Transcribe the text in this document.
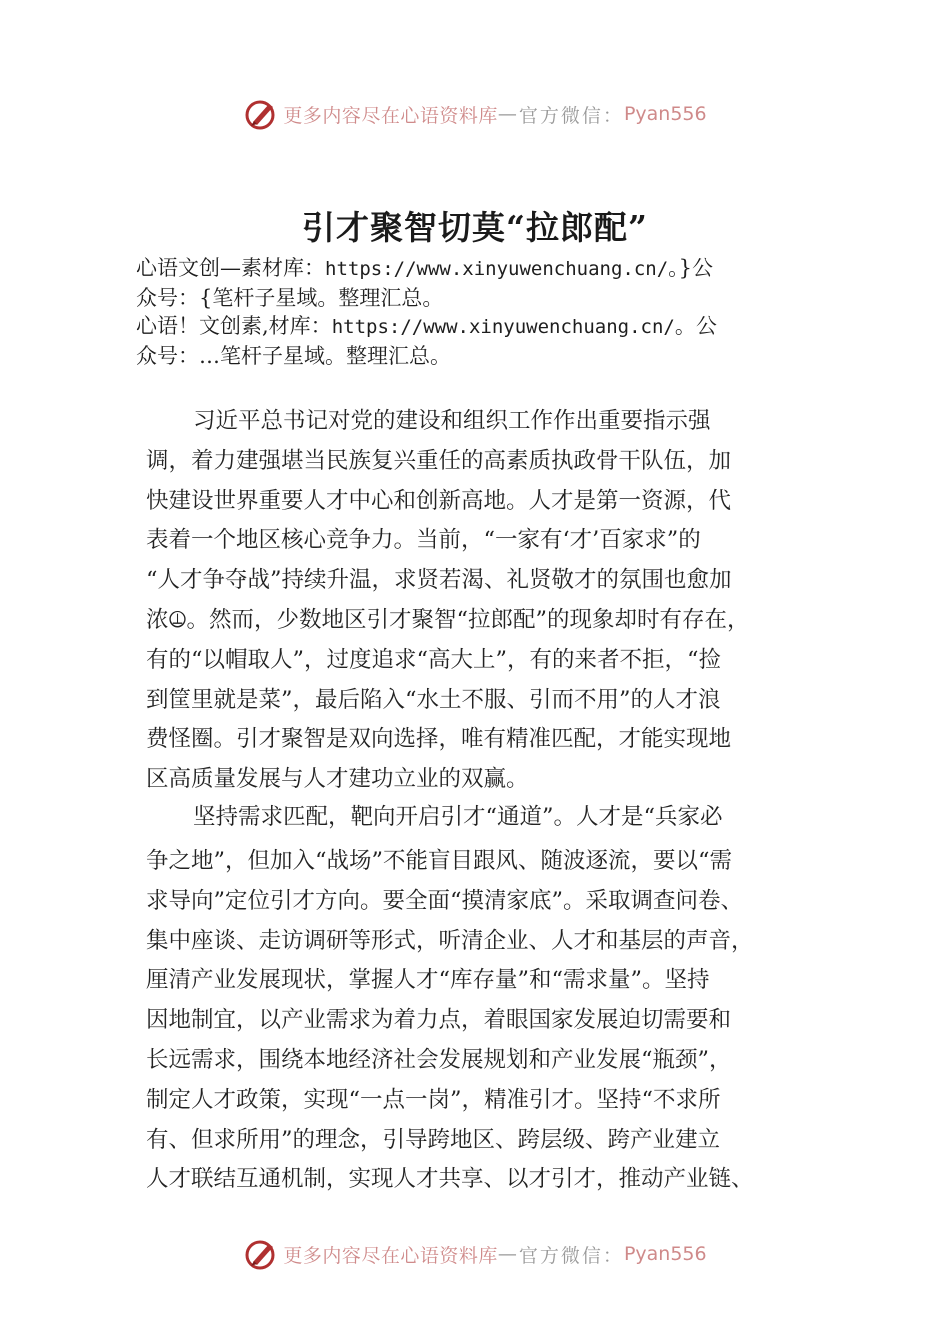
更多内容尽在心语资料库 — 官方微信： Pyan556
引才聚智切莫“拉郎配”
心语文创—素材库：https://www.xinyuwenchuang.cn/。}公
众号：{笔杆子星域。整理汇总。
心语！文创素,材库：https://www.xinyuwenchuang.cn/。公
众号：…笔杆子星域。整理汇总。
习近平总书记对党的建设和组织工作作出重要指示强
调，着力建强堪当民族复兴重任的高素质执政骨干队伍，加
快建设世界重要人才中心和创新高地。人才是第一资源，代
表着一个地区核心竞争力。当前，“一家有‘才’百家求”的
“人才争夺战”持续升温，求贤若渴、礼贤敬才的氛围也愈加
浓⦹。然而，少数地区引才聚智“拉郎配”的现象却时有存在，
有的“以帽取人”，过度追求“高大上”，有的来者不拒，“捡
到筐里就是菜”，最后陷入“水土不服、引而不用”的人才浪
费怪圈。引才聚智是双向选择，唯有精准匹配，才能实现地
区高质量发展与人才建功立业的双赢。
坚持需求匹配，靶向开启引才“通道”。人才是“兵家必
争之地”，但加入“战场”不能盲目跟风、随波逐流，要以“需
求导向”定位引才方向。要全面“摸清家底”。采取调查问卷、
集中座谈、走访调研等形式，听清企业、人才和基层的声音，
厘清产业发展现状，掌握人才“库存量”和“需求量”。坚持
因地制宜，以产业需求为着力点，着眼国家发展迫切需要和
长远需求，围绕本地经济社会发展规划和产业发展“瓶颈”，
制定人才政策，实现“一点一岗”，精准引才。坚持“不求所
有、但求所用”的理念，引导跨地区、跨层级、跨产业建立
人才联结互通机制，实现人才共享、以才引才，推动产业链、
更多内容尽在心语资料库 — 官方微信： Pyan556
